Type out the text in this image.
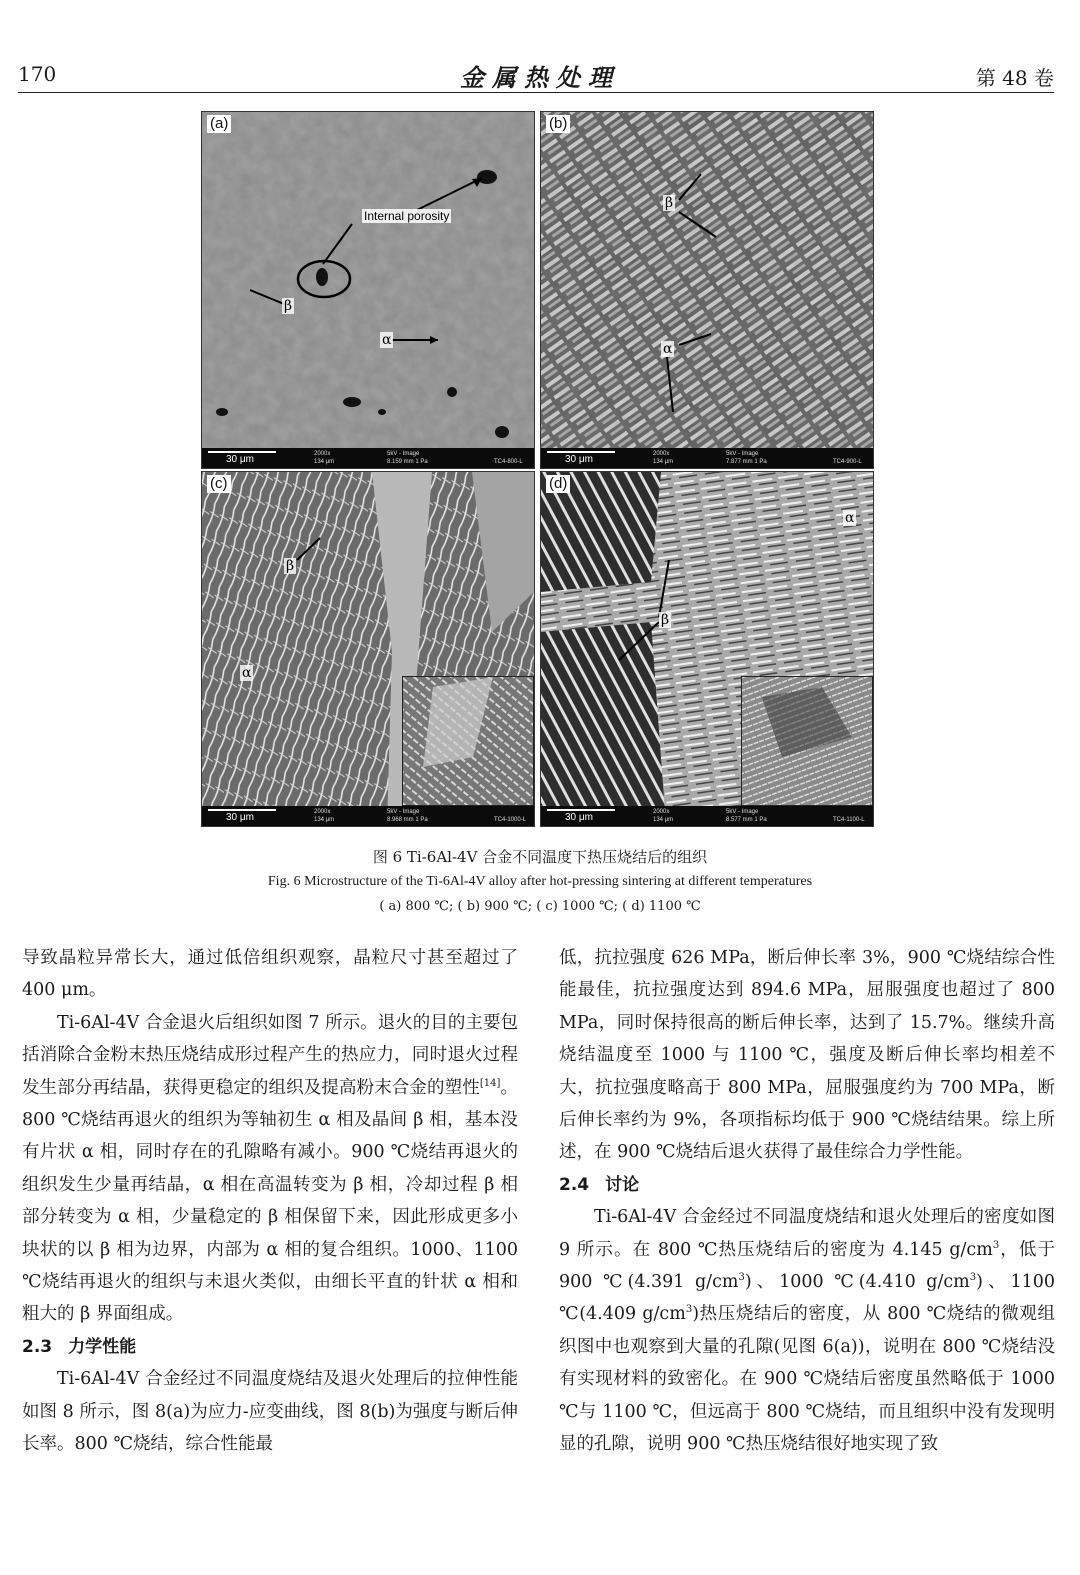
170	金属热处理	第 48 卷
(a)
Internal porosity
β
α
30 μm	2000x
134 μm
5kV - Image
8.159 mm 1 Pa	TC4-800-L
(b)
β
α
30 μm	2000x
134 μm
5kV - Image
7.877 mm 1 Pa	TC4-900-L
(c)
β
α
30 μm	2000x
134 μm
5kV - Image
8.968 mm 1 Pa	TC4-1000-L
(d)
α
β
30 μm	2000x
134 μm
5kV - Image
8.577 mm 1 Pa	TC4-1100-L
图 6 Ti-6Al-4V 合金不同温度下热压烧结后的组织
Fig. 6 Microstructure of the Ti-6Al-4V alloy after hot-pressing sintering at different temperatures
( a) 800 ℃; ( b) 900 ℃; ( c) 1000 ℃; ( d) 1100 ℃

导致晶粒异常长大，通过低倍组织观察，晶粒尺寸甚至超过了 400 μm。

Ti-6Al-4V 合金退火后组织如图 7 所示。退火的目的主要包括消除合金粉末热压烧结成形过程产生的热应力，同时退火过程发生部分再结晶，获得更稳定的组织及提高粉末合金的塑性[14]。800 ℃烧结再退火的组织为等轴初生 α 相及晶间 β 相，基本没有片状 α 相，同时存在的孔隙略有减小。900 ℃烧结再退火的组织发生少量再结晶，α 相在高温转变为 β 相，冷却过程 β 相部分转变为 α 相，少量稳定的 β 相保留下来，因此形成更多小块状的以 β 相为边界，内部为 α 相的复合组织。1000、1100 ℃烧结再退火的组织与未退火类似，由细长平直的针状 α 相和粗大的 β 界面组成。

2.3 力学性能

Ti-6Al-4V 合金经过不同温度烧结及退火处理后的拉伸性能如图 8 所示，图 8(a)为应力-应变曲线，图 8(b)为强度与断后伸长率。800 ℃烧结，综合性能最

低，抗拉强度 626 MPa，断后伸长率 3%，900 ℃烧结综合性能最佳，抗拉强度达到 894.6 MPa，屈服强度也超过了 800 MPa，同时保持很高的断后伸长率，达到了 15.7%。继续升高烧结温度至 1000 与 1100 ℃，强度及断后伸长率均相差不大，抗拉强度略高于 800 MPa，屈服强度约为 700 MPa，断后伸长率约为 9%，各项指标均低于 900 ℃烧结结果。综上所述，在 900 ℃烧结后退火获得了最佳综合力学性能。

2.4 讨论

Ti-6Al-4V 合金经过不同温度烧结和退火处理后的密度如图 9 所示。在 800 ℃热压烧结后的密度为 4.145 $g/cm^3$，低于 900 ℃(4.391 $g/cm^3$)、1000 ℃(4.410 $g/cm^3$)、1100 ℃(4.409 $g/cm^3$)热压烧结后的密度，从 800 ℃烧结的微观组织图中也观察到大量的孔隙(见图 6(a))，说明在 800 ℃烧结没有实现材料的致密化。在 900 ℃烧结后密度虽然略低于 1000 ℃与 1100 ℃，但远高于 800 ℃烧结，而且组织中没有发现明显的孔隙，说明 900 ℃热压烧结很好地实现了致
